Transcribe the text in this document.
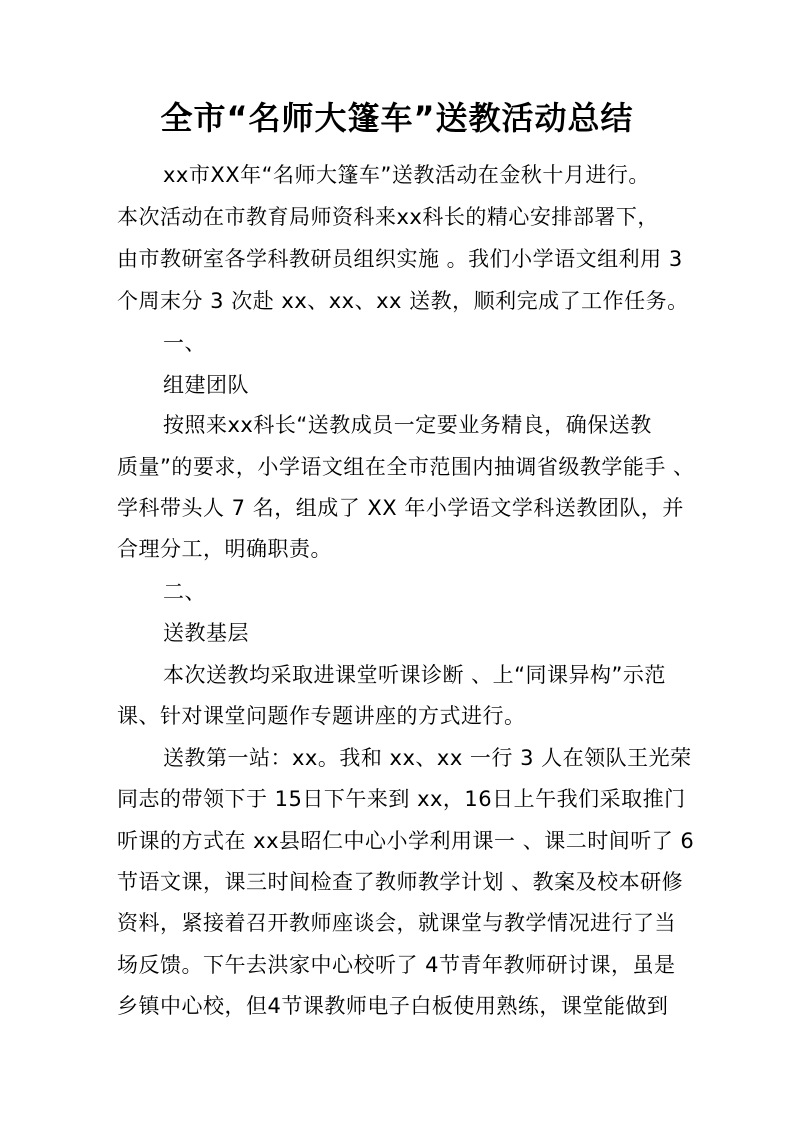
全市“名师大篷车”送教活动总结
xx市XX年“名师大篷车”送教活动在金秋十月进行。
本次活动在市教育局师资科来xx科长的精心安排部署下，
由市教研室各学科教研员组织实施 。我们小学语文组利用 3
个周末分 3 次赴 xx、xx、xx 送教，顺利完成了工作任务。
一、
组建团队
按照来xx科长“送教成员一定要业务精良，确保送教
质量”的要求，小学语文组在全市范围内抽调省级教学能手 、
学科带头人 7 名，组成了 XX 年小学语文学科送教团队，并
合理分工，明确职责。
二、
送教基层
本次送教均采取进课堂听课诊断 、上“同课异构”示范
课、针对课堂问题作专题讲座的方式进行。
送教第一站：xx。我和 xx、xx 一行 3 人在领队王光荣
同志的带领下于 15日下午来到 xx，16日上午我们采取推门
听课的方式在 xx县昭仁中心小学利用课一 、课二时间听了 6
节语文课，课三时间检查了教师教学计划 、教案及校本研修
资料，紧接着召开教师座谈会，就课堂与教学情况进行了当
场反馈。下午去洪家中心校听了 4节青年教师研讨课，虽是
乡镇中心校，但4节课教师电子白板使用熟练，课堂能做到
